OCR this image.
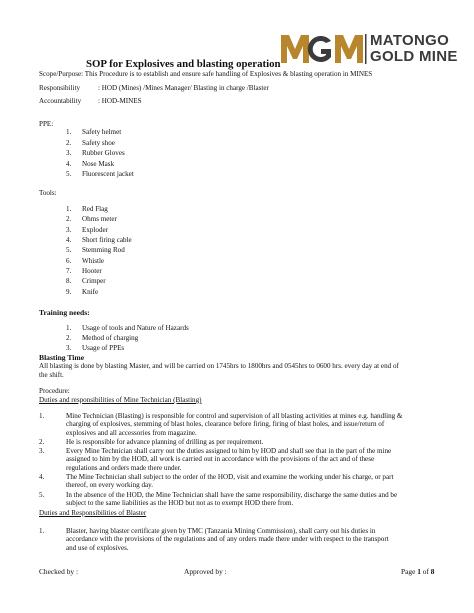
MATONGO
GOLD MINE
SOP for Explosives and blasting operation
Scope/Purpose: This Procedure is to establish and ensure safe handling of Explosives & blasting operation in MINES
Responsibility	: HOD (Mines) /Mines Manager/ Blasting in charge /Blaster
Accountability : HOD-MINES
PPE:
1.	Safety helmet
2.	Safety shoe
3.	Rubber Gloves
4.	Nose Mask
5.	Fluorescent jacket
Tools:
1.	Red Flag
2.	Ohms meter
3.	Exploder
4.	Short firing cable
5.	Stemming Rod
6.	Whistle
7.	Hooter
8.	Crimper
9.	Knife
Training needs:
1.	Usage of tools and Nature of Hazards
2.	Method of charging
3.	Usage of PPEs
Blasting Time
All blasting is done by blasting Master, and will be carried on 1745hrs to 1800hrs and 0545hrs to 0600 hrs. every day at end of
the shift.
Procedure:
Duties and responsibilities of Mine Technician (Blasting)
1.	Mine Technician (Blasting) is responsible for control and supervision of all blasting activities at mines e.g. handling &
charging of explosives, stemming of blast holes, clearance before firing, firing of blast holes, and issue/return of
explosives and all accessories from magazine.
2.	He is responsible for advance planning of drilling as per requirement.
3.	Every Mine Technician shall carry out the duties assigned to him by HOD and shall see that in the part of the mine
assigned to him by the HOD, all work is carried out in accordance with the provisions of the act and of these
regulations and orders made there under.
4.	The Mine Technician shall subject to the order of the HOD, visit and examine the working under his charge, or part
thereof, on every working day.
5.	In the absence of the HOD, the Mine Technician shall have the same responsibility, discharge the same duties and be
subject to the same liabilities as the HOD but not as to exempt HOD there from.
Duties and Responsibilities of Blaster
1.	Blaster, having blaster certificate given by TMC (Tanzania Mining Commission), shall carry out his duties in
accordance with the provisions of the regulations and of any orders made there under with respect to the transport
and use of explosives.
Checked by :	Approved by :	Page 1 of 8
